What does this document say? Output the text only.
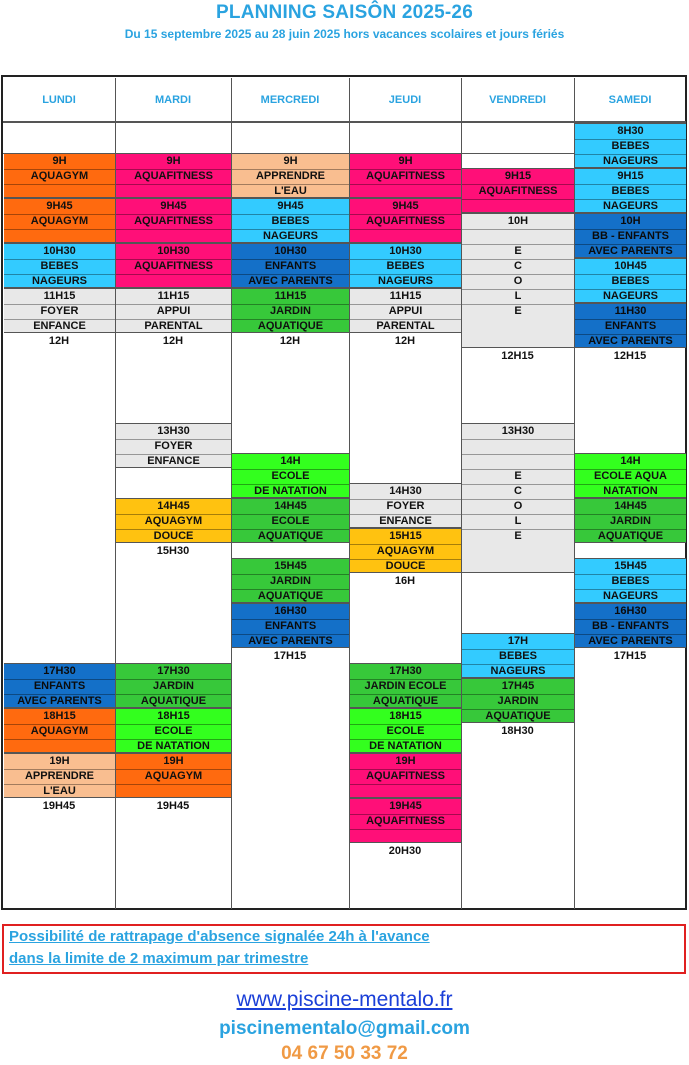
PLANNING SAISÔN 2025-26
Du 15 septembre 2025 au 28 juin 2025 hors vacances scolaires et jours fériés
LUNDI
9H
AQUAGYM
9H45
AQUAGYM
10H30
BEBES
NAGEURS
11H15
FOYER
ENFANCE
17H30
ENFANTS
AVEC PARENTS
18H15
AQUAGYM
19H
APPRENDRE
L'EAU
12H
19H45
MARDI
9H
AQUAFITNESS
9H45
AQUAFITNESS
10H30
AQUAFITNESS
11H15
APPUI
PARENTAL
13H30
FOYER
ENFANCE
14H45
AQUAGYM
DOUCE
17H30
JARDIN
AQUATIQUE
18H15
ECOLE
DE NATATION
19H
AQUAGYM
12H
15H30
19H45
MERCREDI
9H
APPRENDRE
L'EAU
9H45
BEBES
NAGEURS
10H30
ENFANTS
AVEC PARENTS
11H15
JARDIN
AQUATIQUE
14H
ECOLE
DE NATATION
14H45
ECOLE
AQUATIQUE
15H45
JARDIN
AQUATIQUE
16H30
ENFANTS
AVEC PARENTS
12H
17H15
JEUDI
9H
AQUAFITNESS
9H45
AQUAFITNESS
10H30
BEBES
NAGEURS
11H15
APPUI
PARENTAL
14H30
FOYER
ENFANCE
15H15
AQUAGYM
DOUCE
17H30
JARDIN ECOLE
AQUATIQUE
18H15
ECOLE
DE NATATION
19H
AQUAFITNESS
19H45
AQUAFITNESS
12H
16H
20H30
VENDREDI
9H15
AQUAFITNESS
10H
E
C
O
L
E
13H30
E
C
O
L
E
17H
BEBES
NAGEURS
17H45
JARDIN
AQUATIQUE
12H15
18H30
SAMEDI
8H30
BEBES
NAGEURS
9H15
BEBES
NAGEURS
10H
BB - ENFANTS
AVEC PARENTS
10H45
BEBES
NAGEURS
11H30
ENFANTS
AVEC PARENTS
14H
ECOLE AQUA
NATATION
14H45
JARDIN
AQUATIQUE
15H45
BEBES
NAGEURS
16H30
BB - ENFANTS
AVEC PARENTS
12H15
17H15
Possibilité de rattrapage d'absence signalée 24h à l'avance
dans la limite de 2 maximum par trimestre
www.piscine-mentalo.fr
piscinementalo@gmail.com
04 67 50 33 72
